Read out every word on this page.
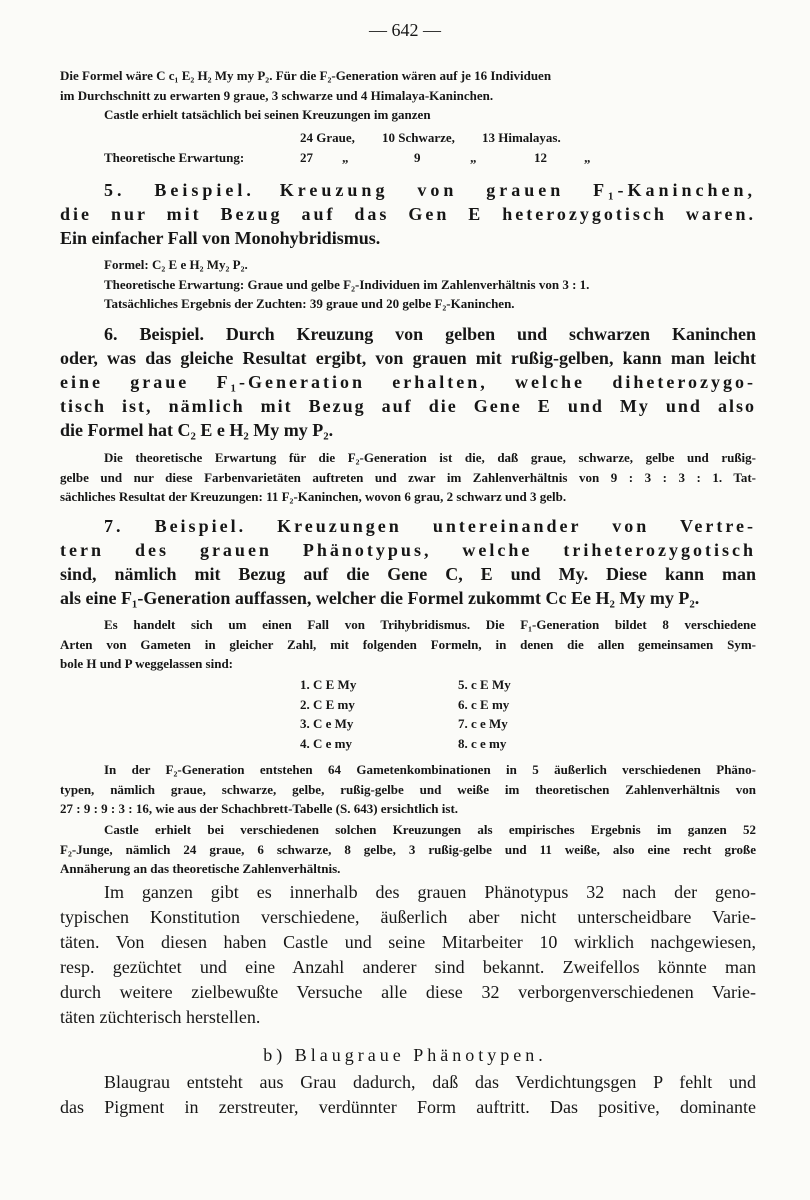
— 642 —
Die Formel wäre C c₁ E₂ H₂ My my P₂. Für die F₂-Generation wären auf je 16 Individuen
im Durchschnitt zu erwarten 9 graue, 3 schwarze und 4 Himalaya-Kaninchen.
Castle erhielt tatsächlich bei seinen Kreuzungen im ganzen
24 Graue, 10 Schwarze, 13 Himalayas.
Theoretische Erwartung:	27 „	9	„	12	„
5. Beispiel. Kreuzung von grauen F₁-Kaninchen,
die nur mit Bezug auf das Gen E heterozygotisch waren.
Ein einfacher Fall von Monohybridismus.
Formel: C₂ E e H₂ My₂ P₂.
Theoretische Erwartung: Graue und gelbe F₂-Individuen im Zahlenverhältnis von 3 : 1.
Tatsächliches Ergebnis der Zuchten: 39 graue und 20 gelbe F₂-Kaninchen.
6. Beispiel. Durch Kreuzung von gelben und schwarzen Kaninchen
oder, was das gleiche Resultat ergibt, von grauen mit rußig-gelben, kann man leicht
eine graue F₁-Generation erhalten, welche diheterozygo-
tisch ist, nämlich mit Bezug auf die Gene E und My und also
die Formel hat C₂ E e H₂ My my P₂.
Die theoretische Erwartung für die F₂-Generation ist die, daß graue, schwarze, gelbe und rußig-
gelbe und nur diese Farbenvarietäten auftreten und zwar im Zahlenverhältnis von 9 : 3 : 3 : 1. Tat-
sächliches Resultat der Kreuzungen: 11 F₂-Kaninchen, wovon 6 grau, 2 schwarz und 3 gelb.
7. Beispiel. Kreuzungen untereinander von Vertre-
tern des grauen Phänotypus, welche triheterozygotisch
sind, nämlich mit Bezug auf die Gene C, E und My. Diese kann man
als eine F₁-Generation auffassen, welcher die Formel zukommt Cc Ee H₂ My my P₂.
Es handelt sich um einen Fall von Trihybridismus. Die F₁-Generation bildet 8 verschiedene
Arten von Gameten in gleicher Zahl, mit folgenden Formeln, in denen die allen gemeinsamen Sym-
bole H und P weggelassen sind:
1. C E My
2. C E my
3. C e My
4. C e my
5. c E My
6. c E my
7. c e My
8. c e my
In der F₂-Generation entstehen 64 Gametenkombinationen in 5 äußerlich verschiedenen Phäno-
typen, nämlich graue, schwarze, gelbe, rußig-gelbe und weiße im theoretischen Zahlenverhältnis von
27 : 9 : 9 : 3 : 16, wie aus der Schachbrett-Tabelle (S. 643) ersichtlich ist.
Castle erhielt bei verschiedenen solchen Kreuzungen als empirisches Ergebnis im ganzen 52
F₂-Junge, nämlich 24 graue, 6 schwarze, 8 gelbe, 3 rußig-gelbe und 11 weiße, also eine recht große
Annäherung an das theoretische Zahlenverhältnis.
Im ganzen gibt es innerhalb des grauen Phänotypus 32 nach der geno-
typischen Konstitution verschiedene, äußerlich aber nicht unterscheidbare Varie-
täten. Von diesen haben Castle und seine Mitarbeiter 10 wirklich nachgewiesen,
resp. gezüchtet und eine Anzahl anderer sind bekannt. Zweifellos könnte man
durch weitere zielbewußte Versuche alle diese 32 verborgenverschiedenen Varie-
täten züchterisch herstellen.
b) Blaugraue Phänotypen.
Blaugrau entsteht aus Grau dadurch, daß das Verdichtungsgen P fehlt und
das Pigment in zerstreuter, verdünnter Form auftritt. Das positive, dominante
